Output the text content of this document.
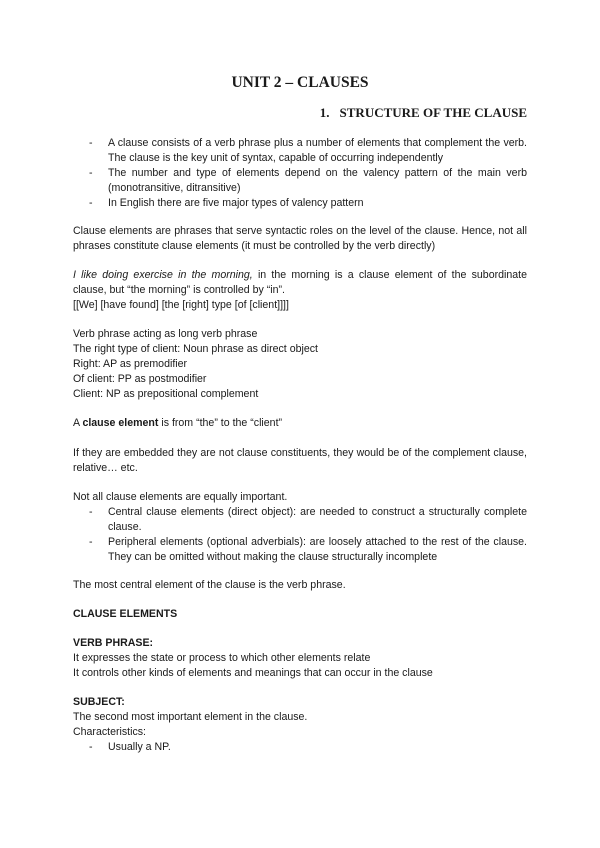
UNIT 2 – CLAUSES
1. STRUCTURE OF THE CLAUSE
- A clause consists of a verb phrase plus a number of elements that complement the verb. The clause is the key unit of syntax, capable of occurring independently
- The number and type of elements depend on the valency pattern of the main verb (monotransitive, ditransitive)
- In English there are five major types of valency pattern
Clause elements are phrases that serve syntactic roles on the level of the clause. Hence, not all phrases constitute clause elements (it must be controlled by the verb directly)
I like doing exercise in the morning, in the morning is a clause element of the subordinate clause, but “the morning” is controlled by “in”.
[[We] [have found] [the [right] type [of [client]]]]
Verb phrase acting as long verb phrase
The right type of client: Noun phrase as direct object
Right: AP as premodifier
Of client: PP as postmodifier
Client: NP as prepositional complement
A clause element is from “the” to the “client”
If they are embedded they are not clause constituents, they would be of the complement clause, relative… etc.
Not all clause elements are equally important.
- Central clause elements (direct object): are needed to construct a structurally complete clause.
- Peripheral elements (optional adverbials): are loosely attached to the rest of the clause. They can be omitted without making the clause structurally incomplete
The most central element of the clause is the verb phrase.
CLAUSE ELEMENTS
VERB PHRASE:
It expresses the state or process to which other elements relate
It controls other kinds of elements and meanings that can occur in the clause
SUBJECT:
The second most important element in the clause.
Characteristics:
- Usually a NP.
